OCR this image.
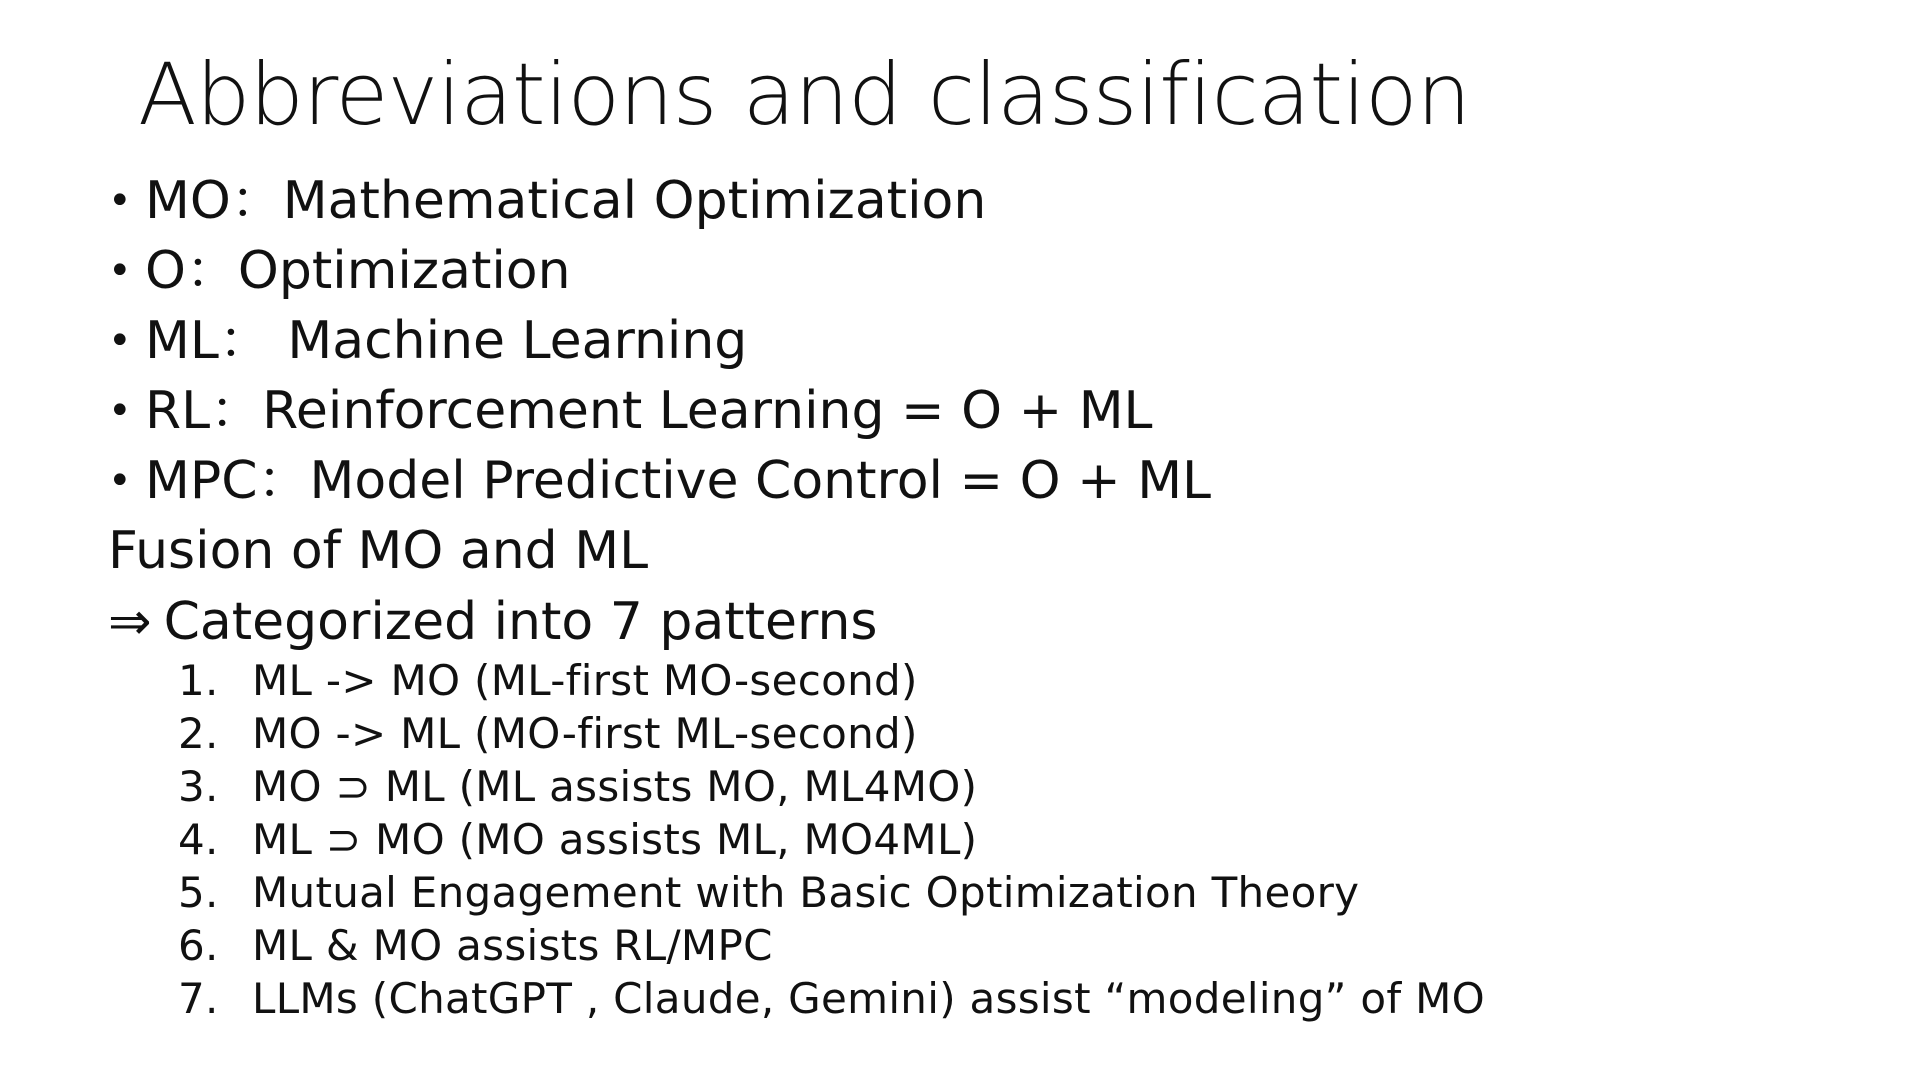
Abbreviations and classification
• MO：Mathematical Optimization
• O：Optimization
• ML： Machine Learning
• RL：Reinforcement Learning = O + ML
• MPC：Model Predictive Control = O + ML
Fusion of MO and ML
⇒ Categorized into 7 patterns
1. ML -> MO (ML-first MO-second)
2. MO -> ML (MO-first ML-second)
3. MO ⊃ ML (ML assists MO, ML4MO)
4. ML ⊃ MO (MO assists ML, MO4ML)
5. Mutual Engagement with Basic Optimization Theory
6. ML & MO assists RL/MPC
7. LLMs (ChatGPT , Claude, Gemini) assist “modeling” of MO
